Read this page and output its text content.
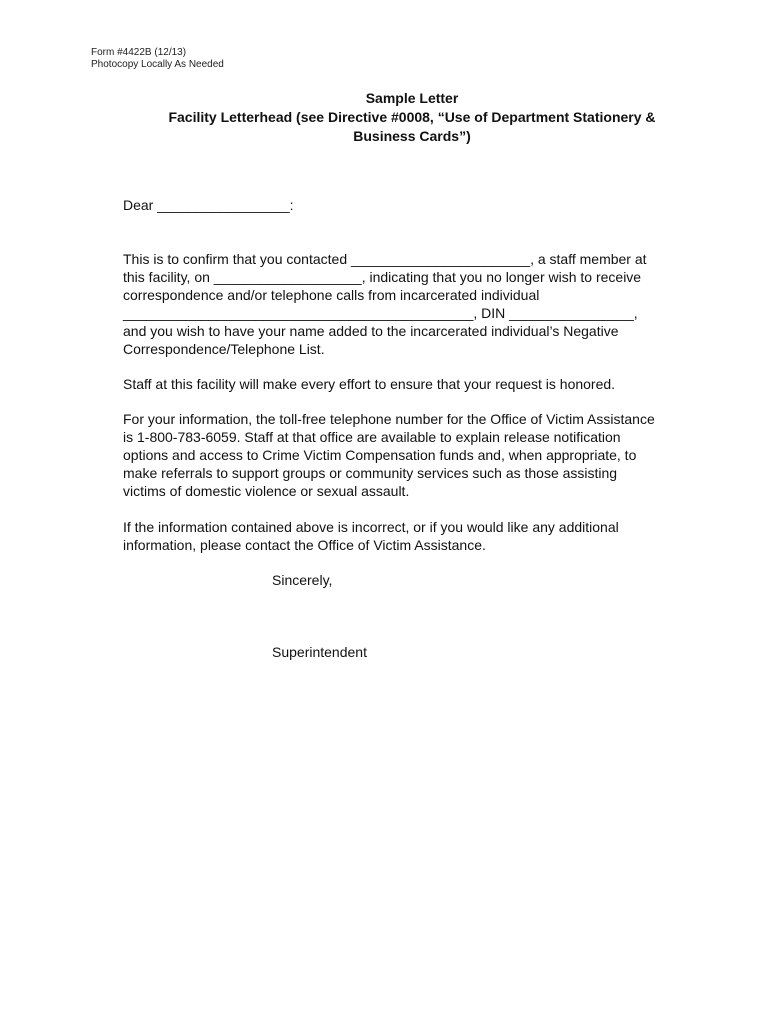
Form #4422B (12/13)
Photocopy Locally As Needed
Sample Letter
Facility Letterhead (see Directive #0008, “Use of Department Stationery &
Business Cards”)
Dear _________________:
This is to confirm that you contacted _______________________, a staff member at
this facility, on ___________________, indicating that you no longer wish to receive
correspondence and/or telephone calls from incarcerated individual
_____________________________________________, DIN ________________,
and you wish to have your name added to the incarcerated individual’s Negative
Correspondence/Telephone List.
Staff at this facility will make every effort to ensure that your request is honored.
For your information, the toll-free telephone number for the Office of Victim Assistance
is 1-800-783-6059. Staff at that office are available to explain release notification
options and access to Crime Victim Compensation funds and, when appropriate, to
make referrals to support groups or community services such as those assisting
victims of domestic violence or sexual assault.
If the information contained above is incorrect, or if you would like any additional
information, please contact the Office of Victim Assistance.
Sincerely,
Superintendent
